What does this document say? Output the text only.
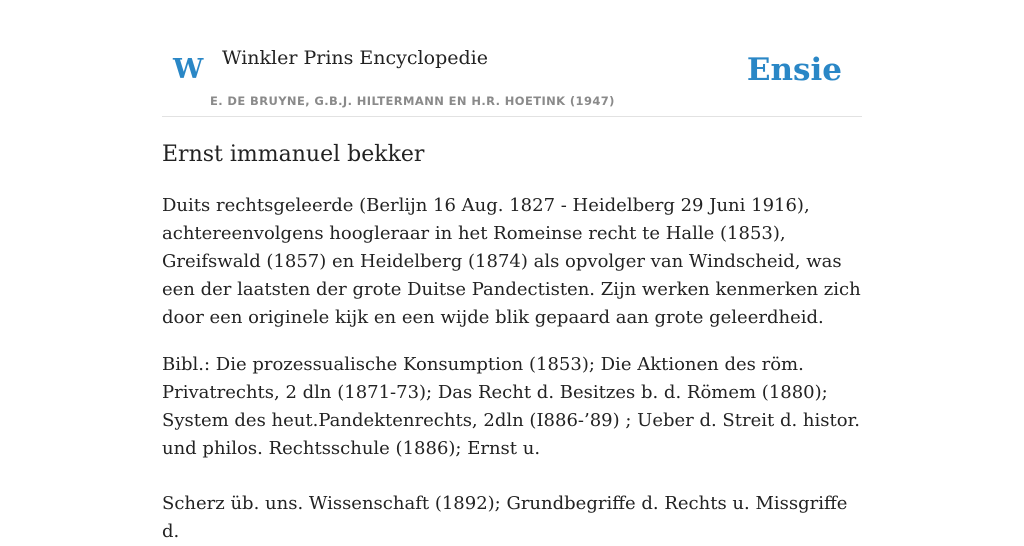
W Winkler Prins Encyclopedie
E. DE BRUYNE, G.B.J. HILTERMANN EN H.R. HOETINK (1947)
Ensie
Ernst immanuel bekker

Duits rechtsgeleerde (Berlijn 16 Aug. 1827 - Heidelberg 29 Juni 1916), achtereenvolgens hoogleraar in het Romeinse recht te Halle (1853), Greifswald (1857) en Heidelberg (1874) als opvolger van Windscheid, was een der laatsten der grote Duitse Pandectisten. Zijn werken kenmerken zich door een originele kijk en een wijde blik gepaard aan grote geleerdheid.

Bibl.: Die prozessualische Konsumption (1853); Die Aktionen des röm. Privatrechts, 2 dln (1871-73); Das Recht d. Besitzes b. d. Römem (1880); System des heut.Pandektenrechts, 2dln (I886-’89) ; Ueber d. Streit d. histor. und philos. Rechtsschule (1886); Ernst u.

Scherz üb. uns. Wissenschaft (1892); Grundbegriffe d. Rechts u. Missgriffe d.
